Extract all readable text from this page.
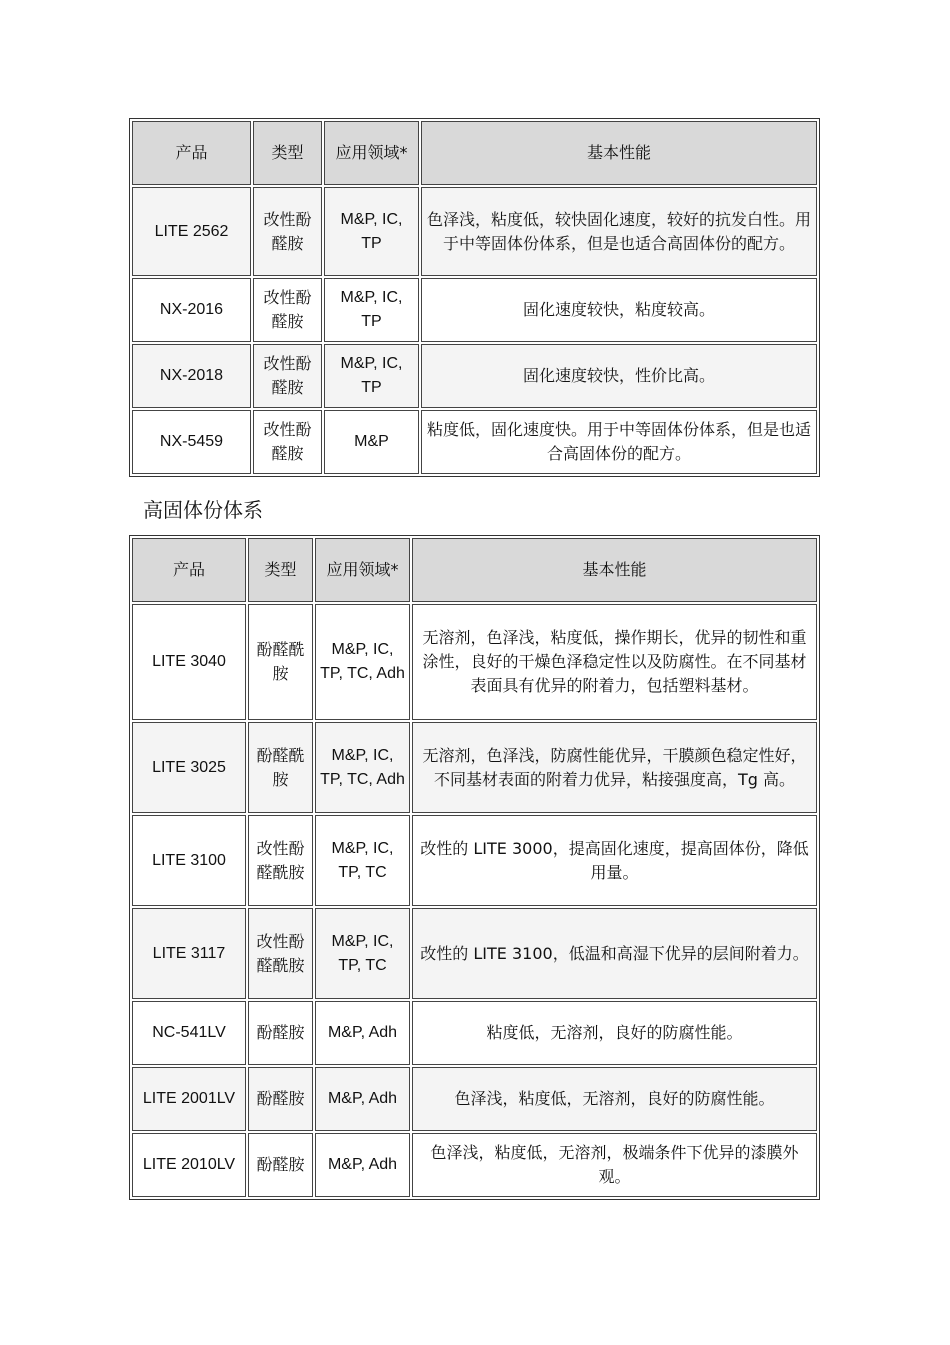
产品	类型	应用领域*	基本性能
LITE 2562	改性酚醛胺	M&P, IC, TP	色泽浅，粘度低，较快固化速度，较好的抗发白性。用于中等固体份体系，但是也适合高固体份的配方。
NX-2016	改性酚醛胺	M&P, IC, TP	固化速度较快，粘度较高。
NX-2018	改性酚醛胺	M&P, IC, TP	固化速度较快，性价比高。
NX-5459	改性酚醛胺	M&P	粘度低，固化速度快。用于中等固体份体系，但是也适合高固体份的配方。
高固体份体系
产品	类型	应用领域*	基本性能
LITE 3040	酚醛酰胺	M&P, IC, TP, TC, Adh	无溶剂，色泽浅，粘度低，操作期长，优异的韧性和重涂性，良好的干燥色泽稳定性以及防腐性。在不同基材表面具有优异的附着力，包括塑料基材。
LITE 3025	酚醛酰胺	M&P, IC, TP, TC, Adh	无溶剂，色泽浅，防腐性能优异，干膜颜色稳定性好，不同基材表面的附着力优异，粘接强度高，Tg 高。
LITE 3100	改性酚醛酰胺	M&P, IC, TP, TC	改性的 LITE 3000，提高固化速度，提高固体份，降低用量。
LITE 3117	改性酚醛酰胺	M&P, IC, TP, TC	改性的 LITE 3100，低温和高湿下优异的层间附着力。
NC-541LV	酚醛胺	M&P, Adh	粘度低，无溶剂，良好的防腐性能。
LITE 2001LV	酚醛胺	M&P, Adh	色泽浅，粘度低，无溶剂，良好的防腐性能。
LITE 2010LV	酚醛胺	M&P, Adh	色泽浅，粘度低，无溶剂，极端条件下优异的漆膜外观。
